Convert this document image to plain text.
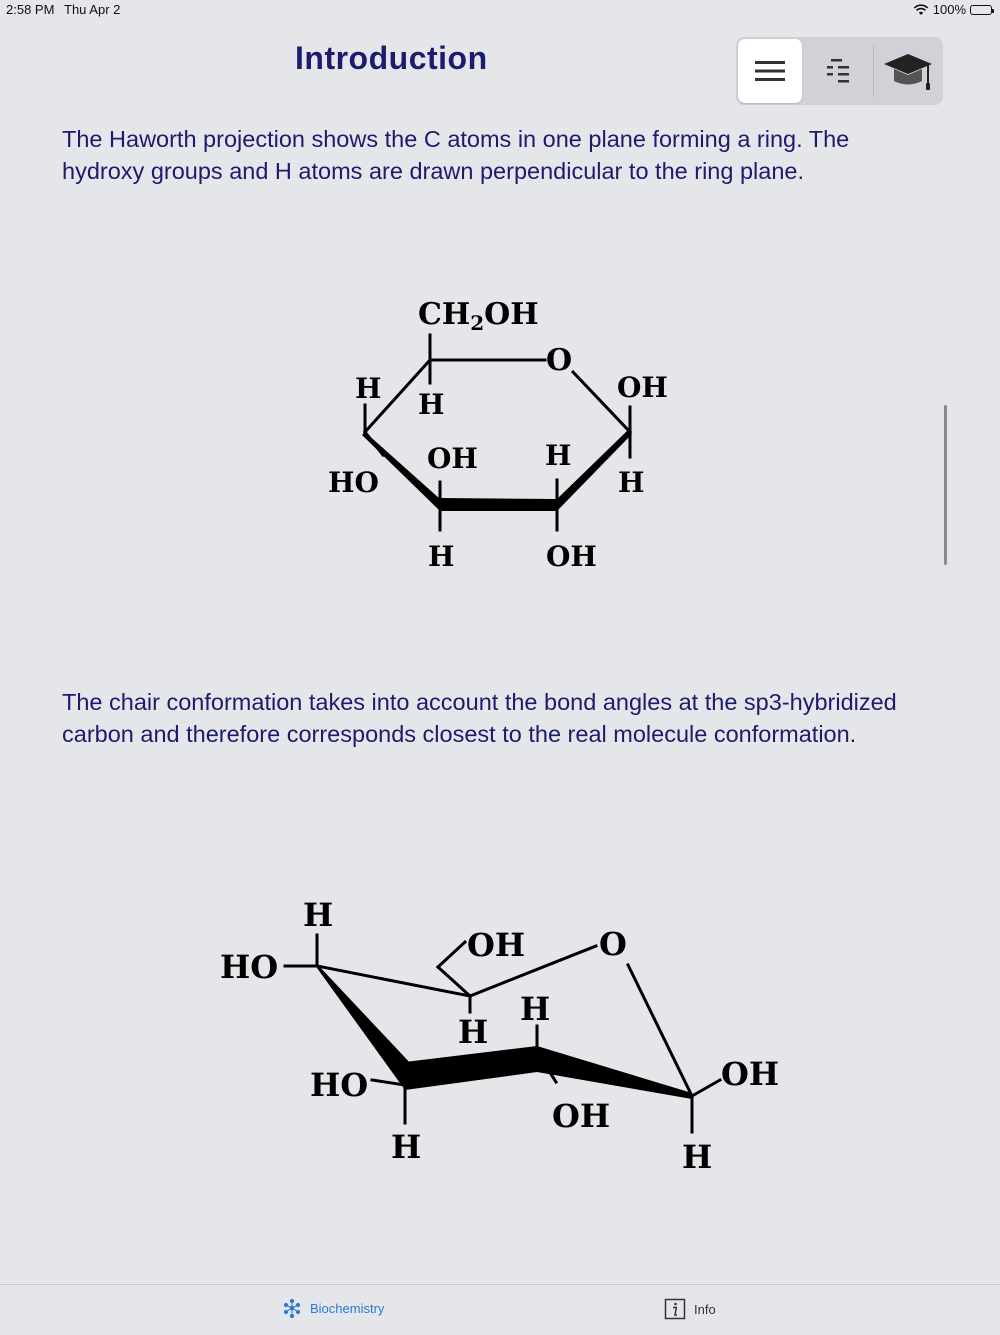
2:58 PM Thu Apr 2	100%
Introduction

The Haworth projection shows the C atoms in one plane forming a ring. The hydroxy groups and H atoms are drawn perpendicular to the ring plane.

$CH_2OH$
O
H H
HO
OH H
OH
H
H	OH

The chair conformation takes into account the bond angles at the sp3-hybridized carbon and therefore corresponds closest to the real molecule conformation.

H
HO
OH O
H
H
HO
H
OH
OH
H
Biochemistry	Info
